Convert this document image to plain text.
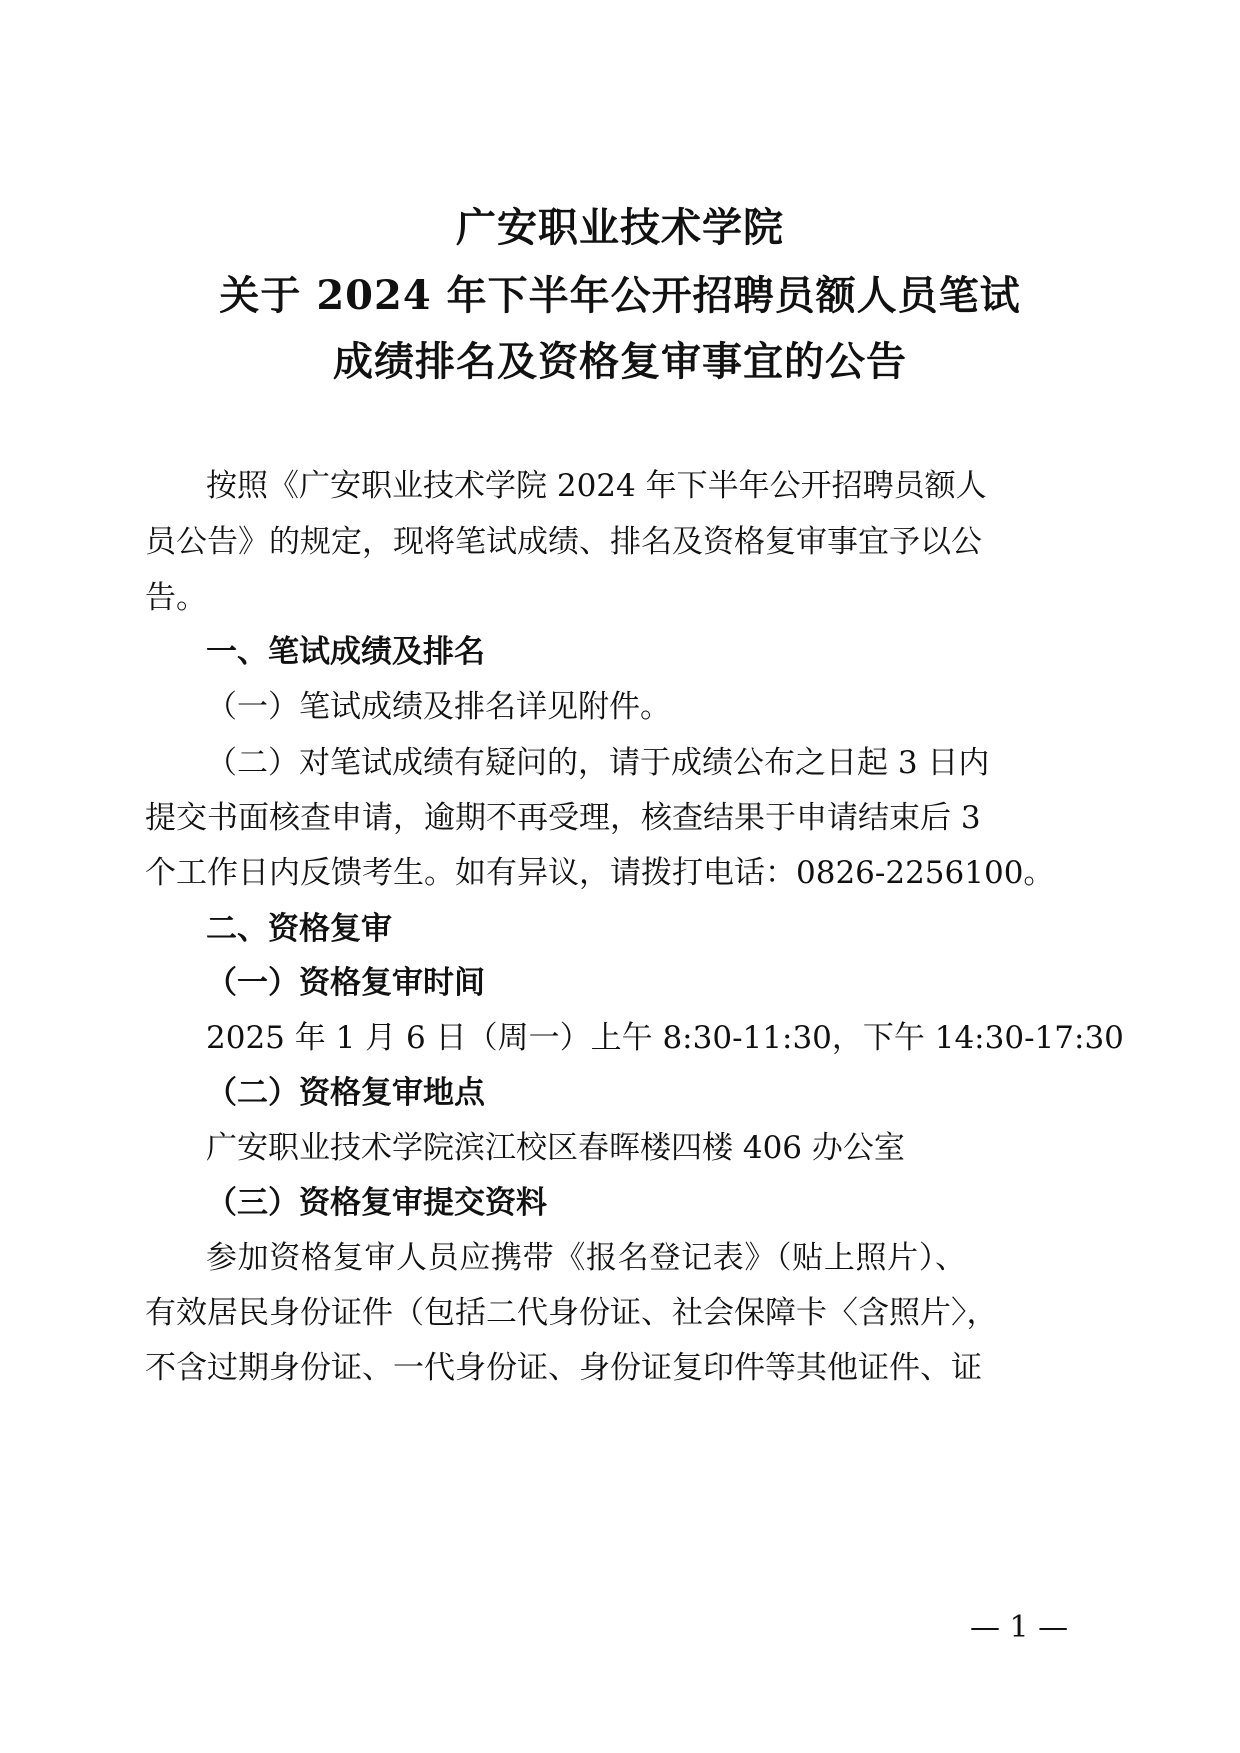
广安职业技术学院
关于 2024 年下半年公开招聘员额人员笔试
成绩排名及资格复审事宜的公告
按照《广安职业技术学院 2024 年下半年公开招聘员额人
员公告》的规定，现将笔试成绩、排名及资格复审事宜予以公
告。
一、笔试成绩及排名
（一）笔试成绩及排名详见附件。
（二）对笔试成绩有疑问的，请于成绩公布之日起 3 日内
提交书面核查申请，逾期不再受理，核查结果于申请结束后 3
个工作日内反馈考生。如有异议，请拨打电话：0826-2256100。
二、资格复审
（一）资格复审时间
2025 年 1 月 6 日（周一）上午 8:30-11:30，下午 14:30-17:30
（二）资格复审地点
广安职业技术学院滨江校区春晖楼四楼 406 办公室
（三）资格复审提交资料
参加资格复审人员应携带《报名登记表》（贴上照片）、
有效居民身份证件（包括二代身份证、社会保障卡〈含照片〉，
不含过期身份证、一代身份证、身份证复印件等其他证件、证
— 1 —
